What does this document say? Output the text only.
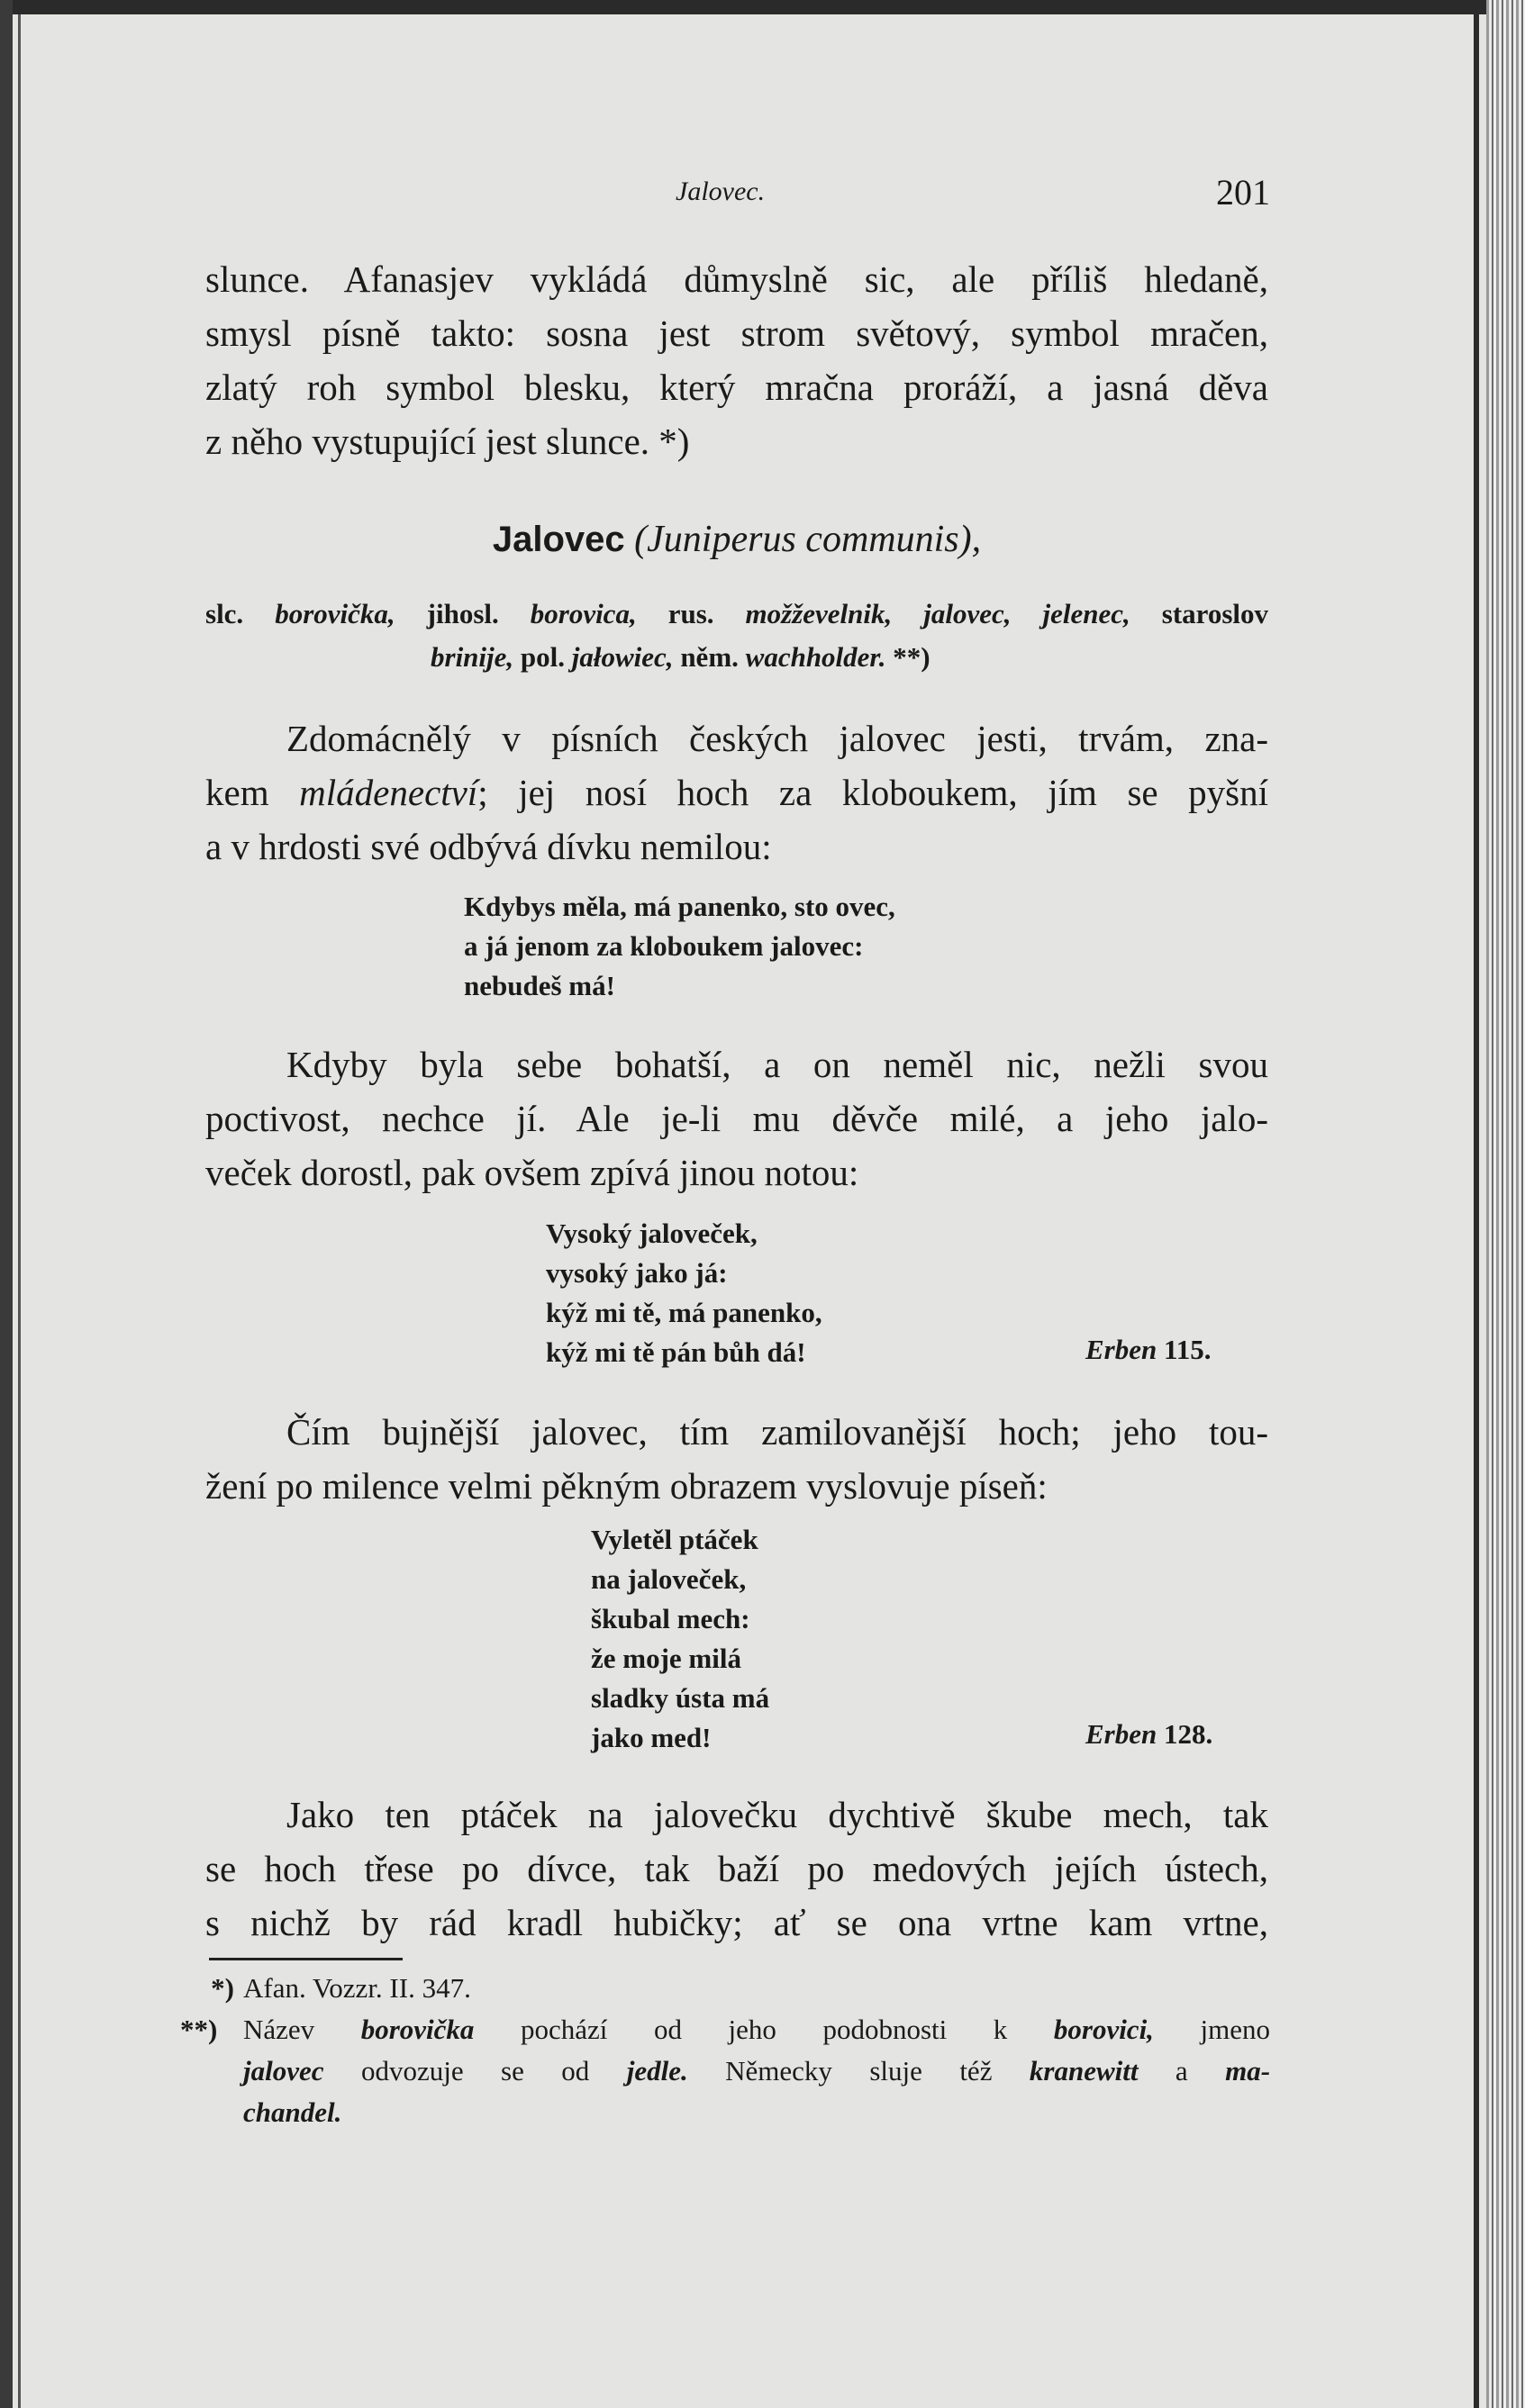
Jalovec.	201

slunce. Afanasjev vykládá důmyslně sic, ale příliš hledaně,

smysl písně takto: sosna jest strom světový, symbol mračen,

zlatý roh symbol blesku, který mračna proráží, a jasná děva

z něho vystupující jest slunce. *)

Jalovec (Juniperus communis),
slc. borovička, jihosl. borovica, rus. možževelnik, jalovec, jelenec, staroslov
brinije, pol. jałowiec, něm. wachholder. **)

Zdomácnělý v písních českých jalovec jesti, trvám, zna-

kem mládenectví; jej nosí hoch za kloboukem, jím se pyšní

a v hrdosti své odbývá dívku nemilou:

Kdybys měla, má panenko, sto ovec,
a já jenom za kloboukem jalovec:
nebudeš má!

Kdyby byla sebe bohatší, a on neměl nic, nežli svou

poctivost, nechce jí. Ale je-li mu děvče milé, a jeho jalo-

veček dorostl, pak ovšem zpívá jinou notou:

Vysoký jaloveček,
vysoký jako já:
kýž mi tě, má panenko,
kýž mi tě pán bůh dá!	Erben 115.

Čím bujnější jalovec, tím zamilovanější hoch; jeho tou-

žení po milence velmi pěkným obrazem vyslovuje píseň:

Vyletěl ptáček
na jaloveček,
škubal mech:
že moje milá
sladky ústa má
jako med!	Erben 128.

Jako ten ptáček na jalovečku dychtivě škube mech, tak

se hoch třese po dívce, tak baží po medových jejích ústech,

s nichž by rád kradl hubičky; ať se ona vrtne kam vrtne,

*) Afan. Vozzr. II. 347.

**) Název borovička pochází od jeho podobnosti k borovici, jmeno

jalovec odvozuje se od jedle. Německy sluje též kranewitt a ma-

chandel.
